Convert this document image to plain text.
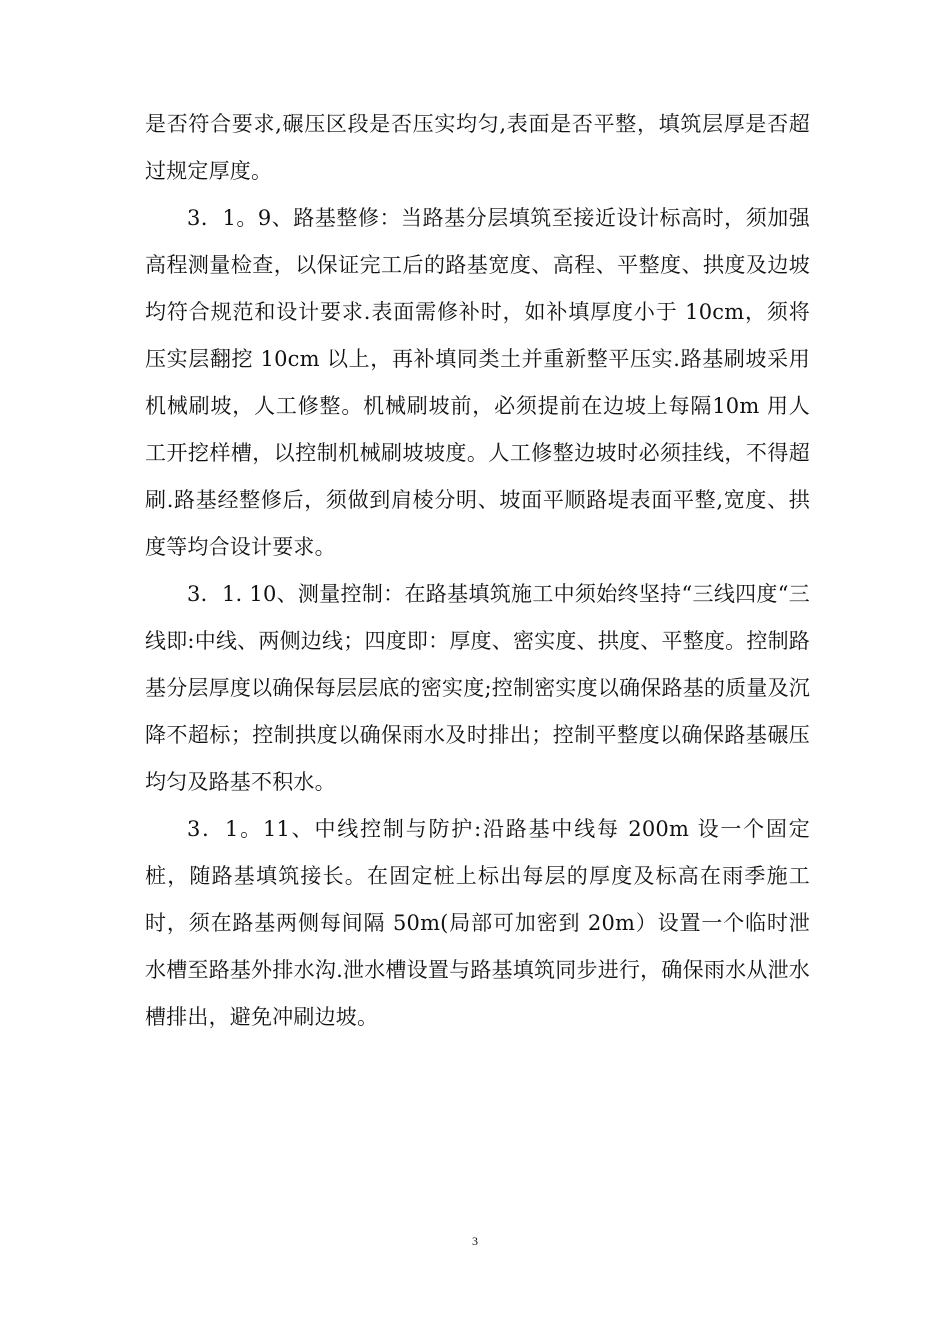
是否符合要求,碾压区段是否压实均匀,表面是否平整，填筑层厚是否超过规定厚度。

3．1。9、路基整修：当路基分层填筑至接近设计标高时，须加强高程测量检查，以保证完工后的路基宽度、高程、平整度、拱度及边坡均符合规范和设计要求.表面需修补时，如补填厚度小于 10cm，须将压实层翻挖 10cm 以上，再补填同类土并重新整平压实.路基刷坡采用机械刷坡，人工修整。机械刷坡前，必须提前在边坡上每隔10m 用人工开挖样槽，以控制机械刷坡坡度。人工修整边坡时必须挂线，不得超刷.路基经整修后，须做到肩棱分明、坡面平顺路堤表面平整,宽度、拱度等均合设计要求。

3．1. 10、测量控制：在路基填筑施工中须始终坚持“三线四度“三线即:中线、两侧边线；四度即：厚度、密实度、拱度、平整度。控制路基分层厚度以确保每层层底的密实度;控制密实度以确保路基的质量及沉降不超标；控制拱度以确保雨水及时排出；控制平整度以确保路基碾压均匀及路基不积水。

3．1。11、中线控制与防护:沿路基中线每 200m 设一个固定桩，随路基填筑接长。在固定桩上标出每层的厚度及标高在雨季施工时，须在路基两侧每间隔 50m(局部可加密到 20m）设置一个临时泄水槽至路基外排水沟.泄水槽设置与路基填筑同步进行，确保雨水从泄水槽排出，避免冲刷边坡。

3
